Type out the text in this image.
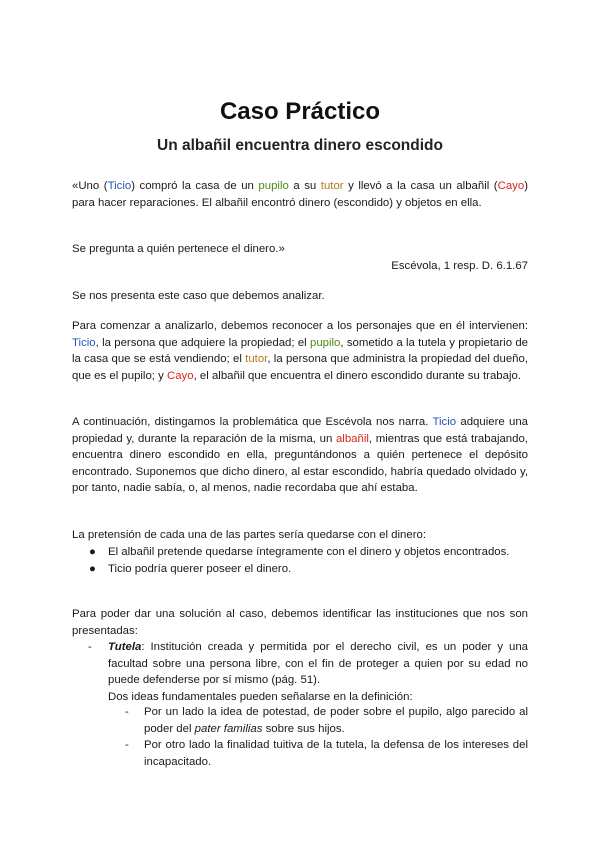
Caso Práctico
Un albañil encuentra dinero escondido

«Uno (Ticio) compró la casa de un pupilo a su tutor y llevó a la casa un albañil (Cayo) para hacer reparaciones. El albañil encontró dinero (escondido) y objetos en ella.

Se pregunta a quién pertenece el dinero.»

Escévola, 1 resp. D. 6.1.67

Se nos presenta este caso que debemos analizar.

Para comenzar a analizarlo, debemos reconocer a los personajes que en él intervienen: Ticio, la persona que adquiere la propiedad; el pupilo, sometido a la tutela y propietario de la casa que se está vendiendo; el tutor, la persona que administra la propiedad del dueño, que es el pupilo; y Cayo, el albañil que encuentra el dinero escondido durante su trabajo.

A continuación, distingamos la problemática que Escévola nos narra. Ticio adquiere una propiedad y, durante la reparación de la misma, un albañil, mientras que está trabajando, encuentra dinero escondido en ella, preguntándonos a quién pertenece el depósito encontrado. Suponemos que dicho dinero, al estar escondido, habría quedado olvidado y, por tanto, nadie sabía, o, al menos, nadie recordaba que ahí estaba.

La pretensión de cada una de las partes sería quedarse con el dinero:

● El albañil pretende quedarse íntegramente con el dinero y objetos encontrados.
● Ticio podría querer poseer el dinero.

Para poder dar una solución al caso, debemos identificar las instituciones que nos son presentadas:

- Tutela: Institución creada y permitida por el derecho civil, es un poder y una facultad sobre una persona libre, con el fin de proteger a quien por su edad no puede defenderse por sí mismo (pág. 51).
Dos ideas fundamentales pueden señalarse en la definición:
- Por un lado la idea de potestad, de poder sobre el pupilo, algo parecido al poder del pater familias sobre sus hijos.
- Por otro lado la finalidad tuitiva de la tutela, la defensa de los intereses del incapacitado.
